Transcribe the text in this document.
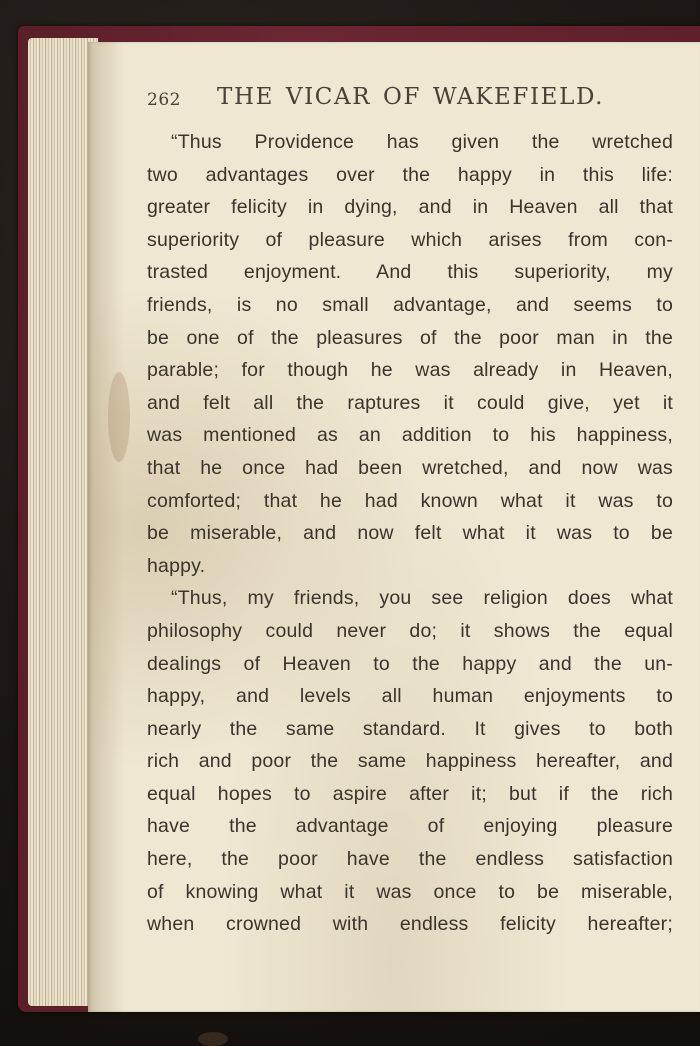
262 THE VICAR OF WAKEFIELD.
“Thus Providence has given the wretched
two advantages over the happy in this life:
greater felicity in dying, and in Heaven all that
superiority of pleasure which arises from con-
trasted enjoyment. And this superiority, my
friends, is no small advantage, and seems to
be one of the pleasures of the poor man in the
parable; for though he was already in Heaven,
and felt all the raptures it could give, yet it
was mentioned as an addition to his happiness,
that he once had been wretched, and now was
comforted; that he had known what it was to
be miserable, and now felt what it was to be
happy.
“Thus, my friends, you see religion does what
philosophy could never do; it shows the equal
dealings of Heaven to the happy and the un-
happy, and levels all human enjoyments to
nearly the same standard. It gives to both
rich and poor the same happiness hereafter, and
equal hopes to aspire after it; but if the rich
have the advantage of enjoying pleasure
here, the poor have the endless satisfaction
of knowing what it was once to be miserable,
when crowned with endless felicity hereafter;
